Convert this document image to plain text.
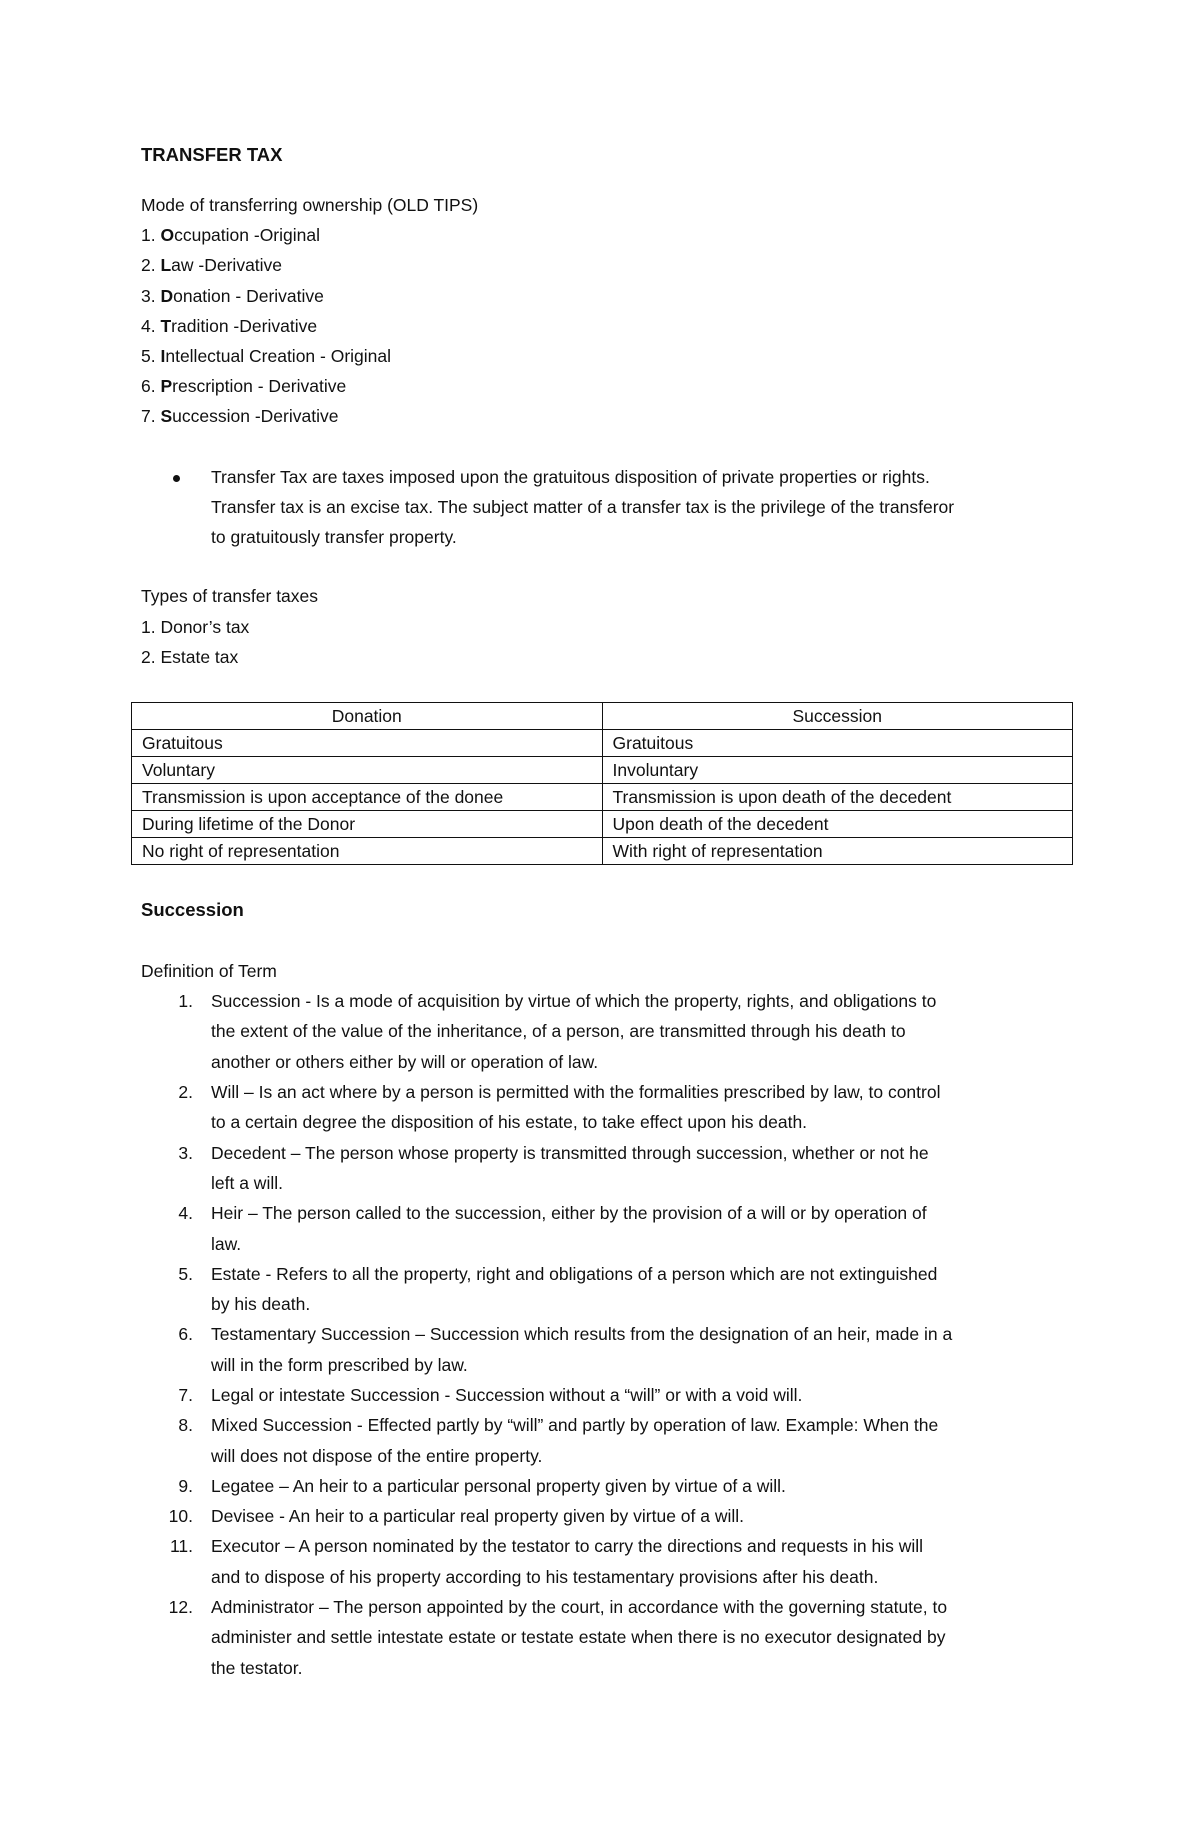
TRANSFER TAX
Mode of transferring ownership (OLD TIPS)
1. Occupation -Original
2. Law -Derivative
3. Donation - Derivative
4. Tradition -Derivative
5. Intellectual Creation - Original
6. Prescription - Derivative
7. Succession -Derivative
Transfer Tax are taxes imposed upon the gratuitous disposition of private properties or rights.
Transfer tax is an excise tax. The subject matter of a transfer tax is the privilege of the transferor
to gratuitously transfer property.
Types of transfer taxes
1. Donor’s tax
2. Estate tax
Donation	Succession
Gratuitous	Gratuitous
Voluntary	Involuntary
Transmission is upon acceptance of the donee	Transmission is upon death of the decedent
During lifetime of the Donor	Upon death of the decedent
No right of representation	With right of representation
Succession
Definition of Term
1. Succession - Is a mode of acquisition by virtue of which the property, rights, and obligations to
the extent of the value of the inheritance, of a person, are transmitted through his death to
another or others either by will or operation of law.
2. Will – Is an act where by a person is permitted with the formalities prescribed by law, to control
to a certain degree the disposition of his estate, to take effect upon his death.
3. Decedent – The person whose property is transmitted through succession, whether or not he
left a will.
4. Heir – The person called to the succession, either by the provision of a will or by operation of
law.
5. Estate - Refers to all the property, right and obligations of a person which are not extinguished
by his death.
6. Testamentary Succession – Succession which results from the designation of an heir, made in a
will in the form prescribed by law.
7. Legal or intestate Succession - Succession without a “will” or with a void will.
8. Mixed Succession - Effected partly by “will” and partly by operation of law. Example: When the
will does not dispose of the entire property.
9. Legatee – An heir to a particular personal property given by virtue of a will.
10. Devisee - An heir to a particular real property given by virtue of a will.
11. Executor – A person nominated by the testator to carry the directions and requests in his will
and to dispose of his property according to his testamentary provisions after his death.
12. Administrator – The person appointed by the court, in accordance with the governing statute, to
administer and settle intestate estate or testate estate when there is no executor designated by
the testator.
